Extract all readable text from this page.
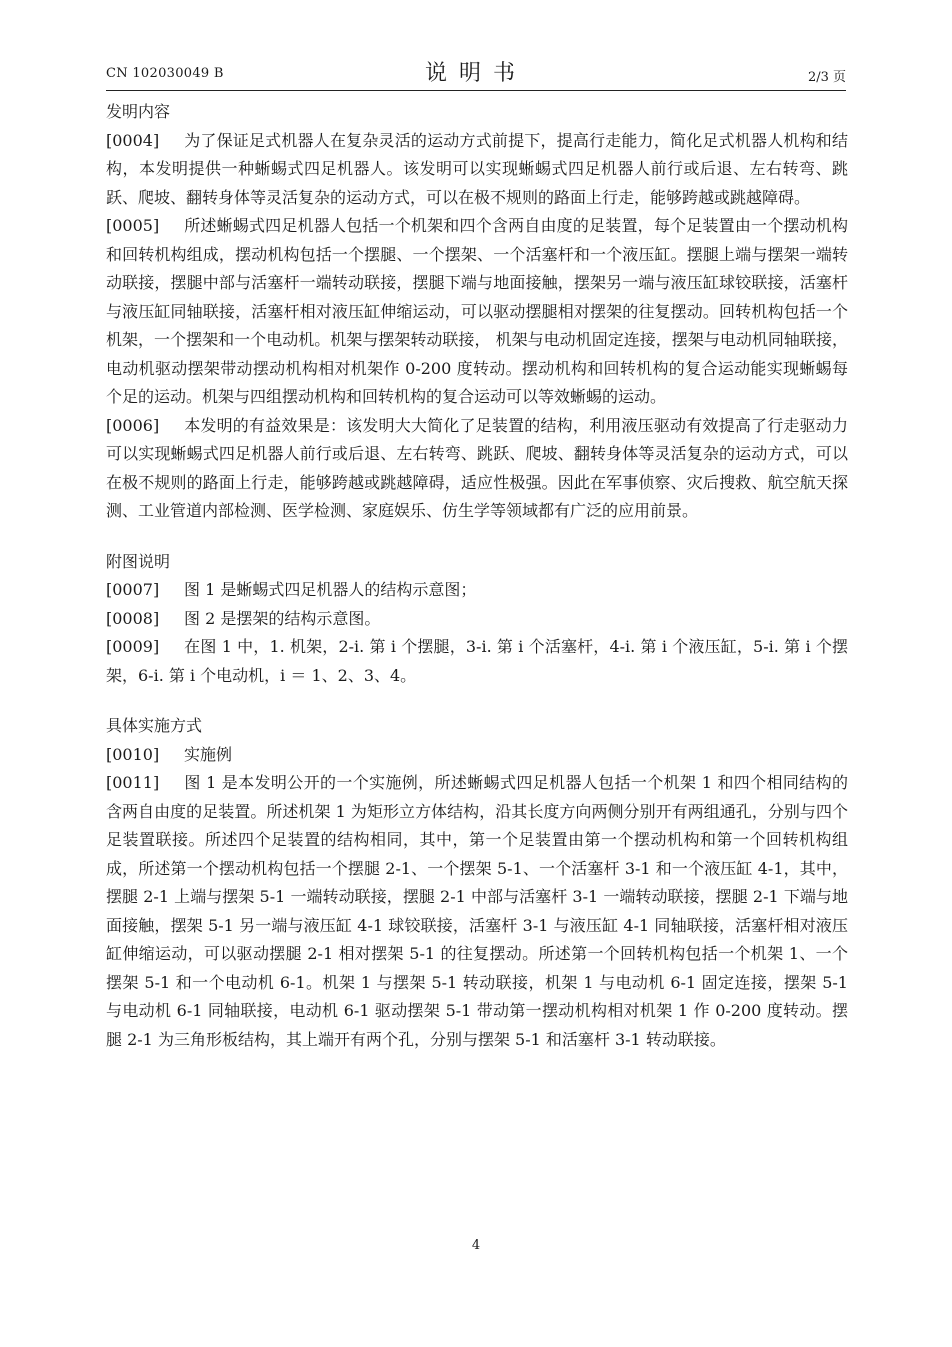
CN 102030049 B	说明书	2/3 页

发明内容

[0004] 为了保证足式机器人在复杂灵活的运动方式前提下，提高行走能力，简化足式机器人机构和结构，本发明提供一种蜥蜴式四足机器人。该发明可以实现蜥蜴式四足机器人前行或后退、左右转弯、跳跃、爬坡、翻转身体等灵活复杂的运动方式，可以在极不规则的路面上行走，能够跨越或跳越障碍。

[0005] 所述蜥蜴式四足机器人包括一个机架和四个含两自由度的足装置，每个足装置由一个摆动机构和回转机构组成，摆动机构包括一个摆腿、一个摆架、一个活塞杆和一个液压缸。摆腿上端与摆架一端转动联接，摆腿中部与活塞杆一端转动联接，摆腿下端与地面接触，摆架另一端与液压缸球铰联接，活塞杆与液压缸同轴联接，活塞杆相对液压缸伸缩运动，可以驱动摆腿相对摆架的往复摆动。回转机构包括一个机架，一个摆架和一个电动机。机架与摆架转动联接， 机架与电动机固定连接，摆架与电动机同轴联接，电动机驱动摆架带动摆动机构相对机架作 0-200 度转动。摆动机构和回转机构的复合运动能实现蜥蜴每个足的运动。机架与四组摆动机构和回转机构的复合运动可以等效蜥蜴的运动。

[0006] 本发明的有益效果是：该发明大大简化了足装置的结构，利用液压驱动有效提高了行走驱动力可以实现蜥蜴式四足机器人前行或后退、左右转弯、跳跃、爬坡、翻转身体等灵活复杂的运动方式，可以在极不规则的路面上行走，能够跨越或跳越障碍，适应性极强。因此在军事侦察、灾后搜救、航空航天探测、工业管道内部检测、医学检测、家庭娱乐、仿生学等领域都有广泛的应用前景。

附图说明

[0007] 图 1 是蜥蜴式四足机器人的结构示意图；

[0008] 图 2 是摆架的结构示意图。

[0009] 在图 1 中，1. 机架，2-i. 第 i 个摆腿，3-i. 第 i 个活塞杆，4-i. 第 i 个液压缸，5-i. 第 i 个摆架，6-i. 第 i 个电动机，i ＝ 1、2、3、4。

具体实施方式

[0010] 实施例

[0011] 图 1 是本发明公开的一个实施例，所述蜥蜴式四足机器人包括一个机架 1 和四个相同结构的含两自由度的足装置。所述机架 1 为矩形立方体结构，沿其长度方向两侧分别开有两组通孔，分别与四个足装置联接。所述四个足装置的结构相同，其中，第一个足装置由第一个摆动机构和第一个回转机构组成，所述第一个摆动机构包括一个摆腿 2-1、一个摆架 5-1、一个活塞杆 3-1 和一个液压缸 4-1，其中，摆腿 2-1 上端与摆架 5-1 一端转动联接，摆腿 2-1 中部与活塞杆 3-1 一端转动联接，摆腿 2-1 下端与地面接触，摆架 5-1 另一端与液压缸 4-1 球铰联接，活塞杆 3-1 与液压缸 4-1 同轴联接，活塞杆相对液压缸伸缩运动，可以驱动摆腿 2-1 相对摆架 5-1 的往复摆动。所述第一个回转机构包括一个机架 1、一个摆架 5-1 和一个电动机 6-1。机架 1 与摆架 5-1 转动联接，机架 1 与电动机 6-1 固定连接，摆架 5-1 与电动机 6-1 同轴联接，电动机 6-1 驱动摆架 5-1 带动第一摆动机构相对机架 1 作 0-200 度转动。摆腿 2-1 为三角形板结构，其上端开有两个孔，分别与摆架 5-1 和活塞杆 3-1 转动联接。

4
